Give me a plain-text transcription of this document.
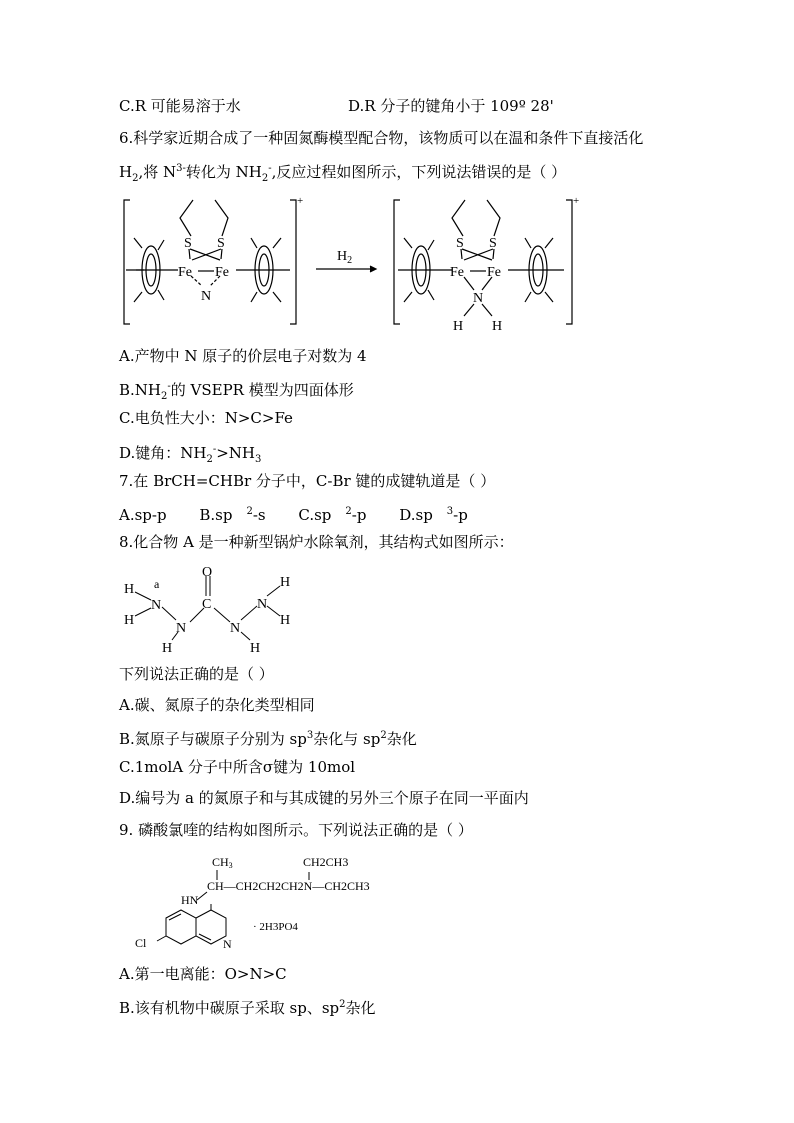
C.R 可能易溶于水	D.R 分子的键角小于 109º 28'
6.科学家近期合成了一种固氮酶模型配合物，该物质可以在温和条件下直接活化
$H_2$,将 $N^{3-}$转化为 $NH_2^-$,反应过程如图所示，下列说法错误的是（ ）
+
S S
Fe Fe
N
$H_2$
+
S S
Fe Fe
N
H H
A.产物中 N 原子的价层电子对数为 4
$B.NH_2^-$的 VSEPR 模型为四面体形
C.电负性大小：N>C>Fe
D.键角：$NH_2^->NH_3$
7.在 BrCH=CHBr 分子中，C-Br 键的成键轨道是（ ）
A.sp-p B.sp $^2$-s C.sp $^2$-p D.sp $^3$-p
8.化合物 A 是一种新型锅炉水除氧剂，其结构式如图所示：
H
H
a
N
O
C
N
H
N
H
N
H
H
下列说法正确的是（ ）
A.碳、氮原子的杂化类型相同
B.氮原子与碳原子分别为 $sp^3$杂化与 $sp^2$杂化
C.1molA 分子中所含σ键为 10mol
D.编号为 a 的氮原子和与其成键的另外三个原子在同一平面内
9. 磷酸氯喹的结构如图所示。下列说法正确的是（ ）
CH3
CH—CH2CH2CH2N—CH2CH3
CH2CH3
HN
Cl	N
· 2H3PO4
A.第一电离能：O>N>C
B.该有机物中碳原子采取 sp、$sp^2$杂化
